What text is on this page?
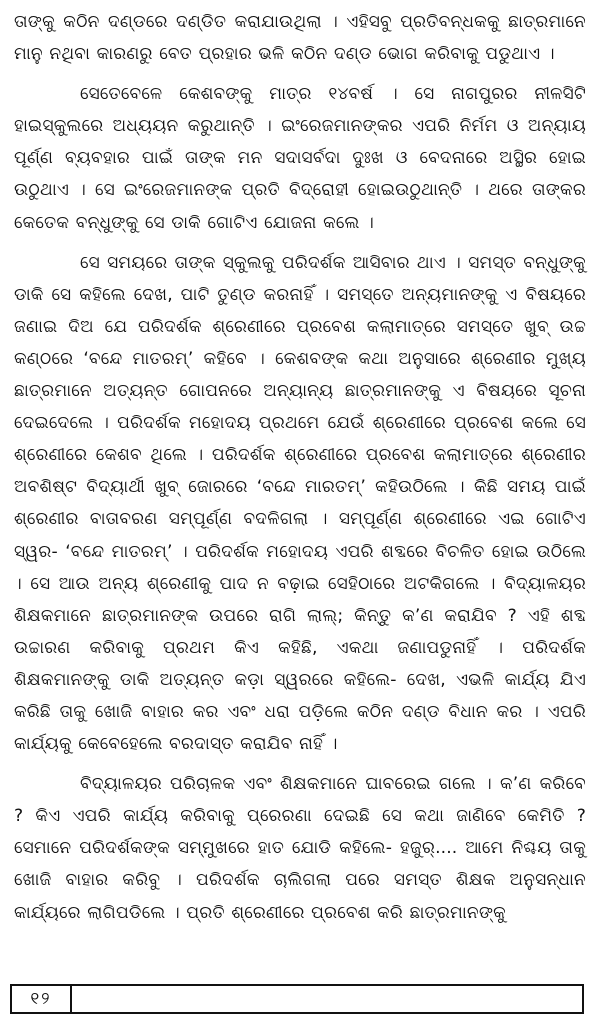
ତାଙ୍କୁ କଠିନ ଦଣ୍ଡରେ ଦଣ୍ଡିତ କରାଯାଉଥିଲା । ଏହିସବୁ ପ୍ରତିବନ୍ଧକକୁ ଛାତ୍ରମାନେ ମାନୁ ନଥିବା କାରଣରୁ ବେତ ପ୍ରହାର ଭଳି କଠିନ ଦଣ୍ଡ ଭୋଗ କରିବାକୁ ପଡୁଥାଏ ।

ସେତେବେଳେ କେଶବଙ୍କୁ ମାତ୍ର ୧୪ବର୍ଷ । ସେ ନାଗପୁରର ନୀଳସିଟି ହାଇସ୍କୁଲରେ ଅଧ୍ୟୟନ କରୁଥାନ୍ତି । ଇଂରେଜମାନଙ୍କର ଏପରି ନିର୍ମମ ଓ ଅନ୍ୟାୟ ପୂର୍ଣ୍ଣ ବ୍ୟବହାର ପାଇଁ ତାଙ୍କ ମନ ସଦାସର୍ବଦା ଦୁଃଖ ଓ ବେଦନାରେ ଅସ୍ଥିର ହୋଇ ଉଠୁଥାଏ । ସେ ଇଂରେଜମାନଙ୍କ ପ୍ରତି ବିଦ୍ରୋହୀ ହୋଇଉଠୁଥାନ୍ତି । ଥରେ ତାଙ୍କର କେତେକ ବନ୍ଧୁଙ୍କୁ ସେ ଡାକି ଗୋଟିଏ ଯୋଜନା କଲେ ।

ସେ ସମୟରେ ତାଙ୍କ ସ୍କୁଲକୁ ପରିଦର୍ଶକ ଆସିବାର ଥାଏ । ସମସ୍ତ ବନ୍ଧୁଙ୍କୁ ଡାକି ସେ କହିଲେ ଦେଖ, ପାଟି ତୁଣ୍ଡ କରନାହିଁ । ସମସ୍ତେ ଅନ୍ୟମାନଙ୍କୁ ଏ ବିଷୟରେ ଜଣାଇ ଦିଅ ଯେ ପରିଦର୍ଶକ ଶ୍ରେଣୀରେ ପ୍ରବେଶ କଲାମାତ୍ରେ ସମସ୍ତେ ଖୁବ୍ ଉଚ୍ଚ କଣ୍ଠରେ ‘ବନ୍ଦେ ମାତରମ୍’ କହିବେ । କେଶବଙ୍କ କଥା ଅନୁସାରେ ଶ୍ରେଣୀର ମୁଖ୍ୟ ଛାତ୍ରମାନେ ଅତ୍ୟନ୍ତ ଗୋପନରେ ଅନ୍ୟାନ୍ୟ ଛାତ୍ରମାନଙ୍କୁ ଏ ବିଷୟରେ ସୂଚନା ଦେଇଦେଲେ । ପରିଦର୍ଶକ ମହୋଦୟ ପ୍ରଥମେ ଯେଉଁ ଶ୍ରେଣୀରେ ପ୍ରବେଶ କଲେ ସେ ଶ୍ରେଣୀରେ କେଶବ ଥିଲେ । ପରିଦର୍ଶକ ଶ୍ରେଣୀରେ ପ୍ରବେଶ କଲାମାତ୍ରେ ଶ୍ରେଣୀର ଅବଶିଷ୍ଟ ବିଦ୍ୟାର୍ଥୀ ଖୁବ୍ ଜୋରରେ ‘ବନ୍ଦେ ମାରତମ୍’ କହିଉଠିଲେ । କିଛି ସମୟ ପାଇଁ ଶ୍ରେଣୀର ବାତାବରଣ ସମ୍ପୂର୍ଣ୍ଣ ବଦଳିଗଲା । ସମ୍ପୂର୍ଣ୍ଣ ଶ୍ରେଣୀରେ ଏଇ ଗୋଟିଏ ସ୍ୱର- ‘ବନ୍ଦେ ମାତରମ୍’ । ପରିଦର୍ଶକ ମହୋଦୟ ଏପରି ଶବ୍ଦରେ ବିଚଳିତ ହୋଇ ଉଠିଲେ । ସେ ଆଉ ଅନ୍ୟ ଶ୍ରେଣୀକୁ ପାଦ ନ ବଢ଼ାଇ ସେହିଠାରେ ଅଟକିଗଲେ । ବିଦ୍ୟାଳୟର ଶିକ୍ଷକମାନେ ଛାତ୍ରମାନଙ୍କ ଉପରେ ରାଗି ଲାଲ୍; କିନ୍ତୁ କ’ଣ କରାଯିବ ? ଏହି ଶବ୍ଦ ଉଚ୍ଚାରଣ କରିବାକୁ ପ୍ରଥମ କିଏ କହିଛି, ଏକଥା ଜଣାପଡୁନାହିଁ । ପରିଦର୍ଶକ ଶିକ୍ଷକମାନଙ୍କୁ ଡାକି ଅତ୍ୟନ୍ତ କଡ଼ା ସ୍ୱରରେ କହିଲେ- ଦେଖ, ଏଭଳି କାର୍ଯ୍ୟ ଯିଏ କରିଛି ତାକୁ ଖୋଜି ବାହାର କର ଏବଂ ଧରା ପଡ଼ିଲେ କଠିନ ଦଣ୍ଡ ବିଧାନ କର । ଏପରି କାର୍ଯ୍ୟକୁ କେବେହେଲେ ବରଦାସ୍ତ କରାଯିବ ନାହିଁ ।

ବିଦ୍ୟାଳୟର ପରିଚାଳକ ଏବଂ ଶିକ୍ଷକମାନେ ଘାବରେଇ ଗଲେ । କ’ଣ କରିବେ ? କିଏ ଏପରି କାର୍ଯ୍ୟ କରିବାକୁ ପ୍ରେରଣା ଦେଇଛି ସେ କଥା ଜାଣିବେ କେମିତି ? ସେମାନେ ପରିଦର୍ଶକଙ୍କ ସମ୍ମୁଖରେ ହାତ ଯୋଡି କହିଲେ- ହଜୁର୍.... ଆମେ ନିଶ୍ଚୟ ତାକୁ ଖୋଜି ବାହାର କରିବୁ । ପରିଦର୍ଶକ ଚାଲିଗଲା ପରେ ସମସ୍ତ ଶିକ୍ଷକ ଅନୁସନ୍ଧାନ କାର୍ଯ୍ୟରେ ଲାଗିପଡିଲେ । ପ୍ରତି ଶ୍ରେଣୀରେ ପ୍ରବେଶ କରି ଛାତ୍ରମାନଙ୍କୁ

୧୨
